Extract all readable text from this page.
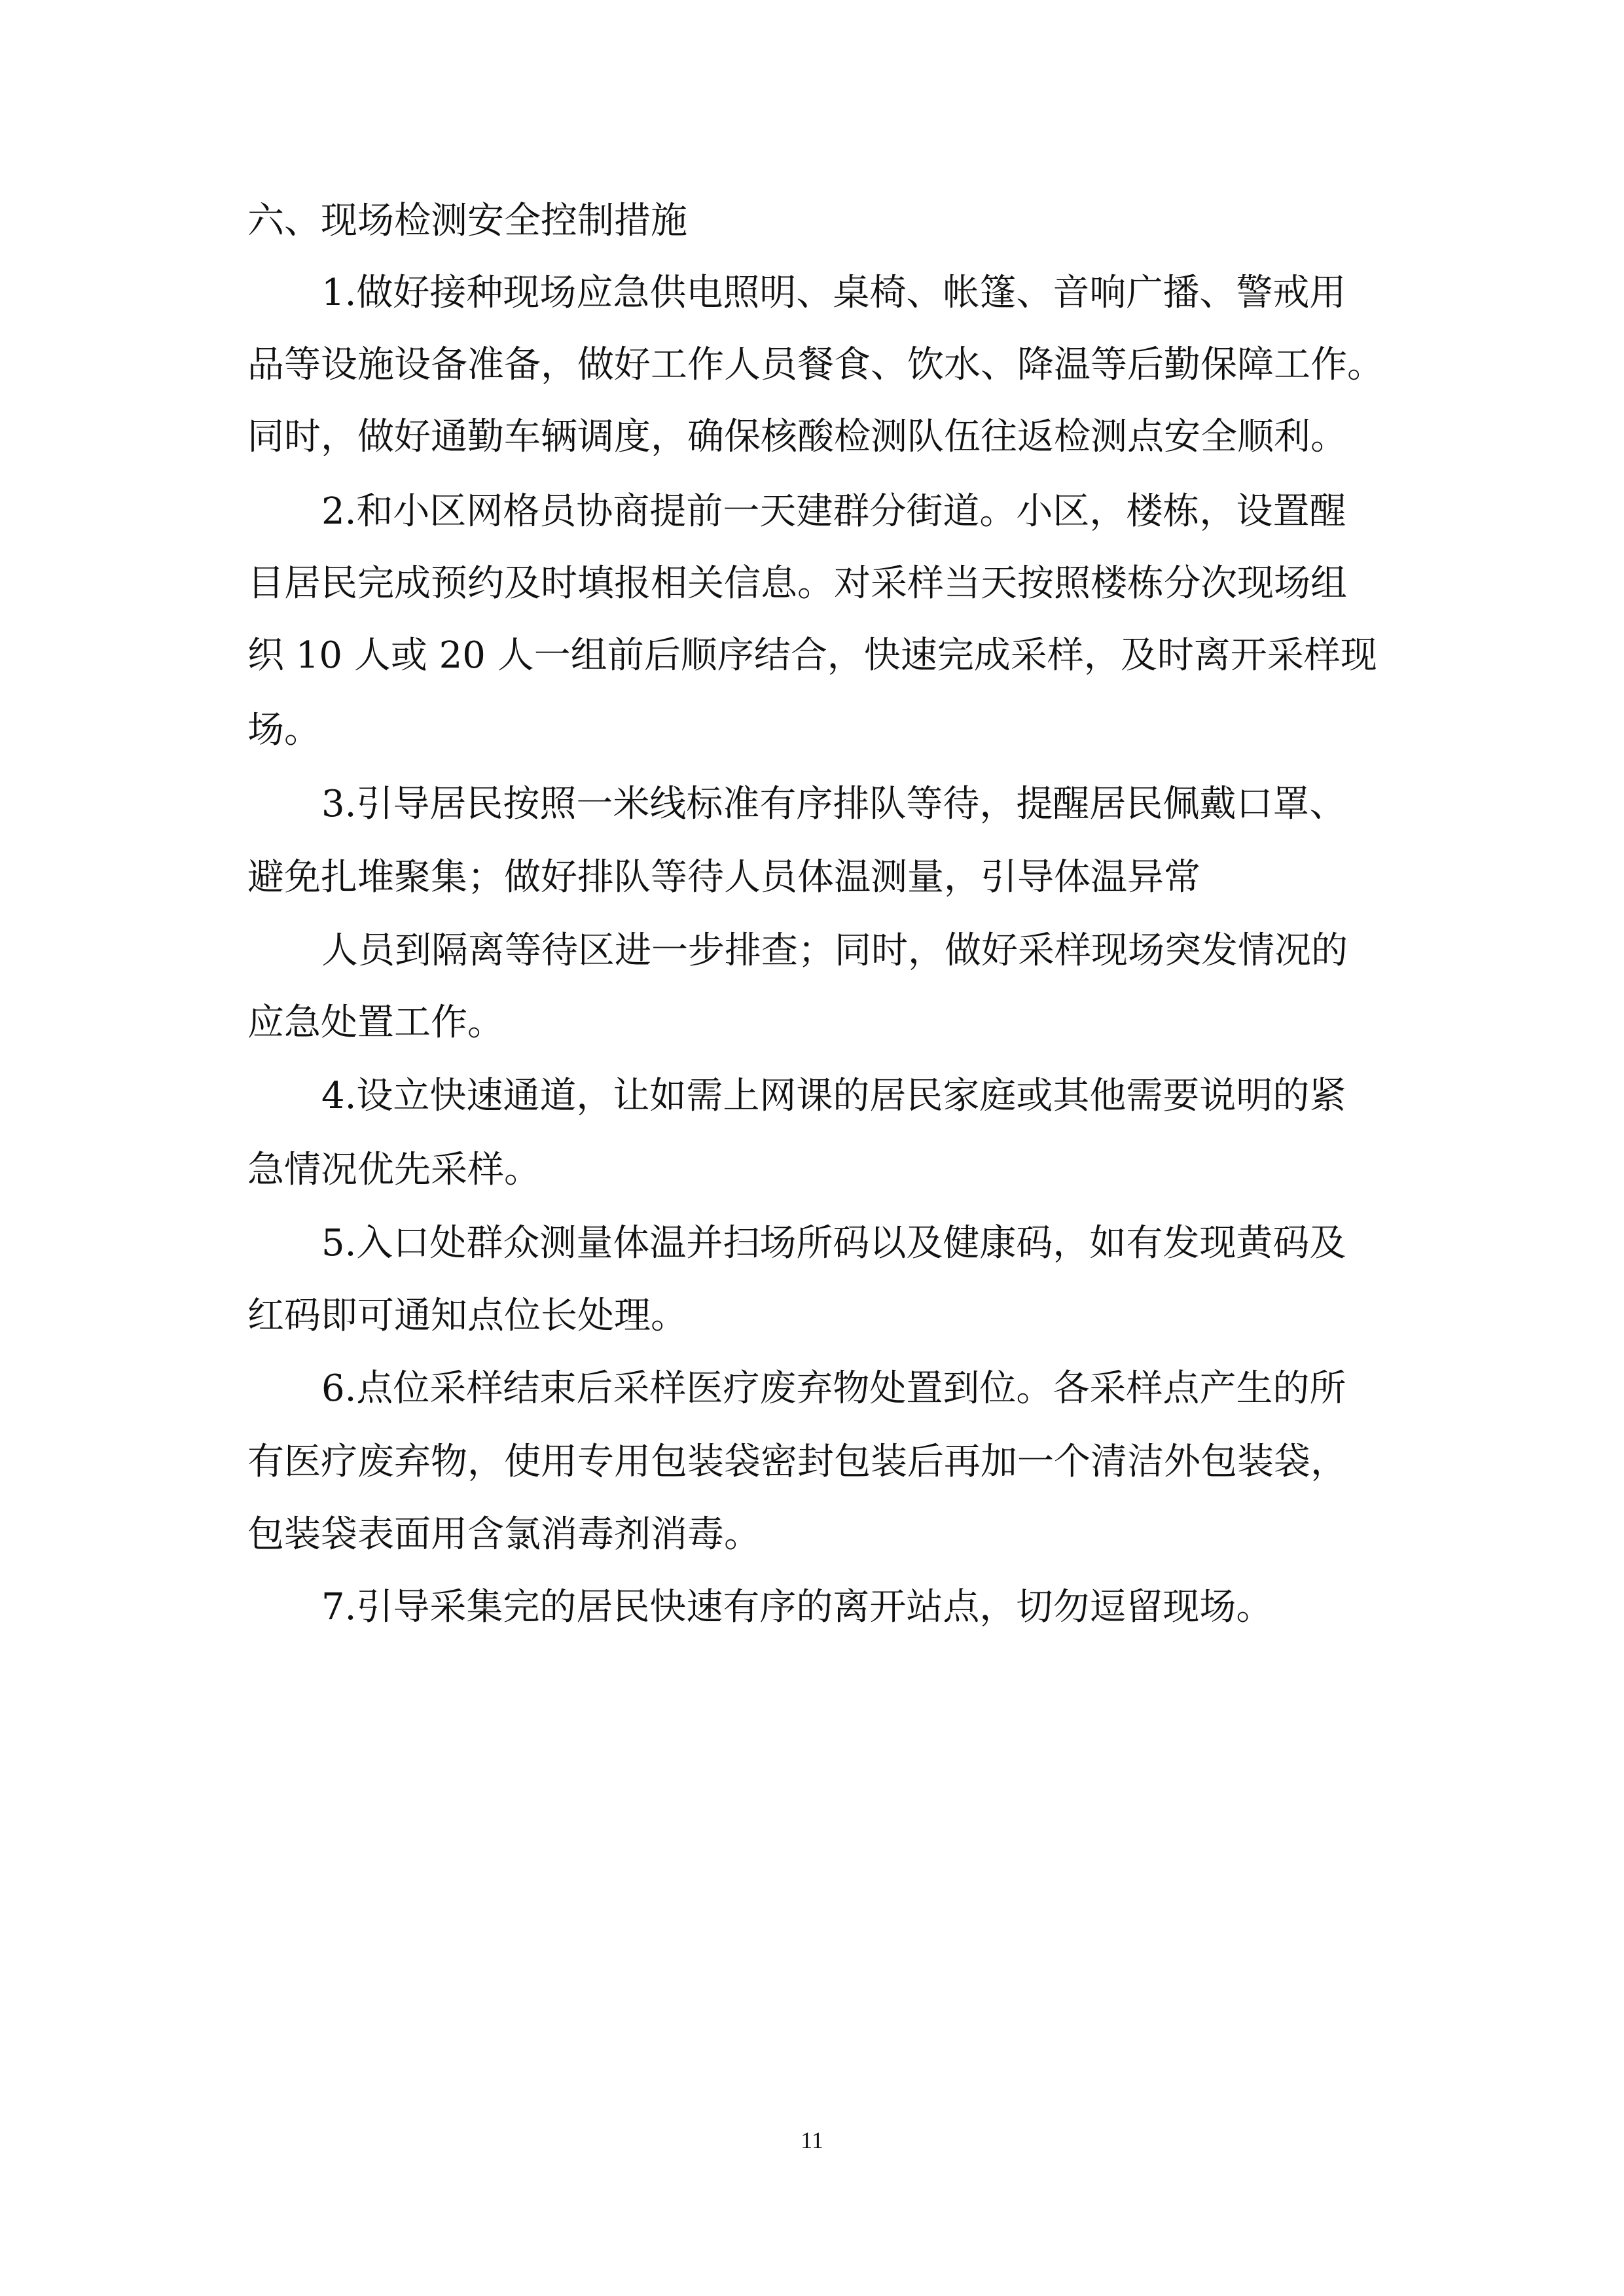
六、现场检测安全控制措施
1.做好接种现场应急供电照明、桌椅、帐篷、音响广播、警戒用
品等设施设备准备，做好工作人员餐食、饮水、降温等后勤保障工作。
同时，做好通勤车辆调度，确保核酸检测队伍往返检测点安全顺利。
2.和小区网格员协商提前一天建群分街道。小区，楼栋，设置醒
目居民完成预约及时填报相关信息。对采样当天按照楼栋分次现场组
织 10 人或 20 人一组前后顺序结合，快速完成采样，及时离开采样现
场。
3.引导居民按照一米线标准有序排队等待，提醒居民佩戴口罩、
避免扎堆聚集；做好排队等待人员体温测量，引导体温异常
人员到隔离等待区进一步排查；同时，做好采样现场突发情况的
应急处置工作。
4.设立快速通道，让如需上网课的居民家庭或其他需要说明的紧
急情况优先采样。
5.入口处群众测量体温并扫场所码以及健康码，如有发现黄码及
红码即可通知点位长处理。
6.点位采样结束后采样医疗废弃物处置到位。各采样点产生的所
有医疗废弃物，使用专用包装袋密封包装后再加一个清洁外包装袋，
包装袋表面用含氯消毒剂消毒。
7.引导采集完的居民快速有序的离开站点，切勿逗留现场。
11
